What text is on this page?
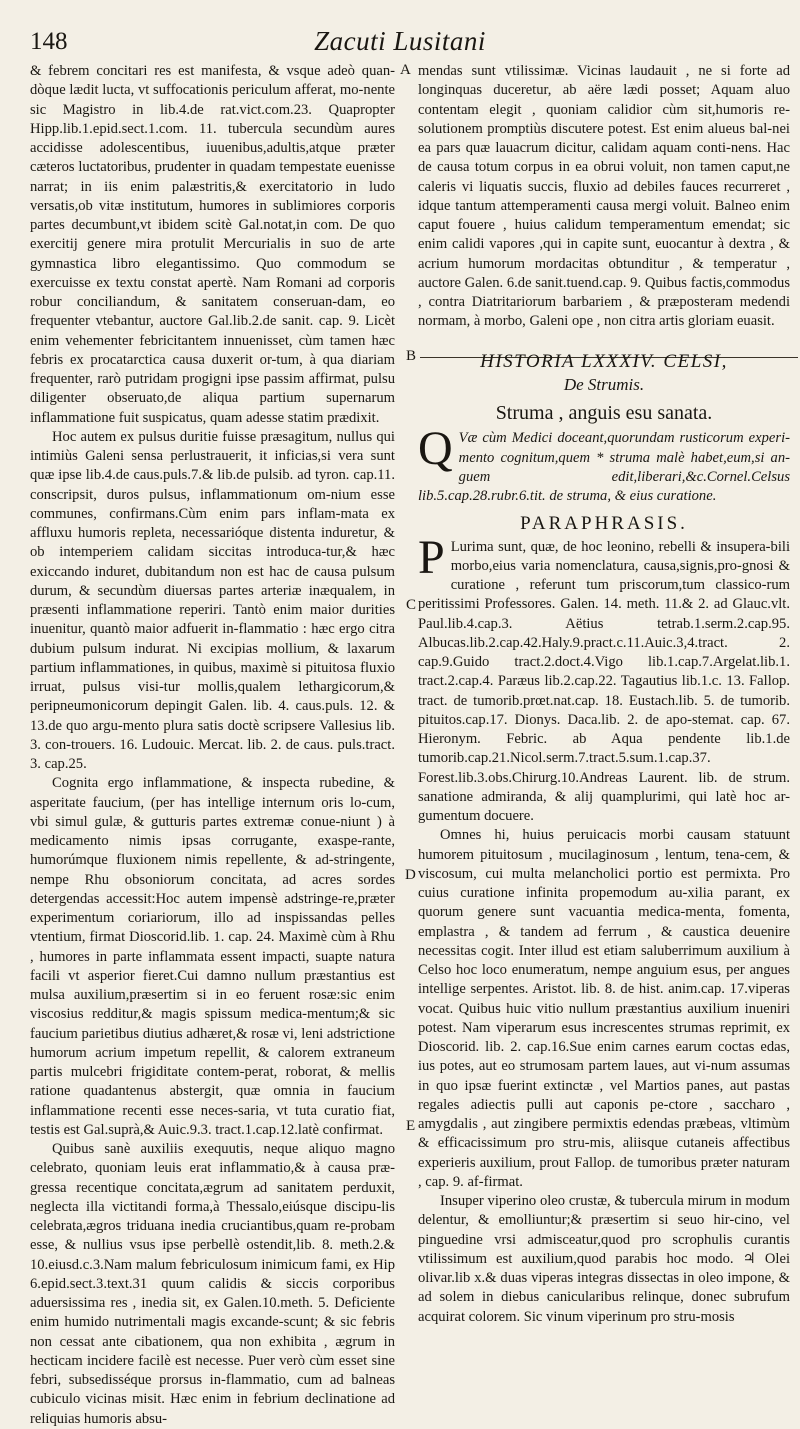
148	Zacuti Lusitani
A
B
C
D
E

& febrem concitari res est manifesta, & vsque adeò quan-dòque lædit lucta, vt suffocationis periculum afferat, mo-nente sic Magistro in lib.4.de rat.vict.com.23. Quapropter Hipp.lib.1.epid.sect.1.com. 11. tubercula secundùm aures accidisse adolescentibus, iuuenibus,adultis,atque præter cæteros luctatoribus, prudenter in quadam tempestate euenisse narrat; in iis enim palæstritis,& exercitatorio in ludo versatis,ob vitæ institutum, humores in sublimiores corporis partes decumbunt,vt ibidem scitè Gal.notat,in com. De quo exercitij genere mira protulit Mercurialis in suo de arte gymnastica libro elegantissimo. Quo commodum se exercuisse ex textu constat apertè. Nam Romani ad corporis robur conciliandum, & sanitatem conseruan-dam, eo frequenter vtebantur, auctore Gal.lib.2.de sanit. cap. 9. Licèt enim vehementer febricitantem innuenisset, cùm tamen hæc febris ex procatarctica causa duxerit or-tum, à qua diariam frequenter, rarò putridam progigni ipse passim affirmat, pulsu diligenter obseruato,de aliqua partium supernarum inflammatione fuit suspicatus, quam adesse statim prædixit.

Hoc autem ex pulsus duritie fuisse præsagitum, nullus qui intimiùs Galeni sensa perlustrauerit, it inficias,si vera sunt quæ ipse lib.4.de caus.puls.7.& lib.de pulsib. ad tyron. cap.11. conscripsit, duros pulsus, inflammationum om-nium esse communes, confirmans.Cùm enim pars inflam-mata ex affluxu humoris repleta, necessarióque distenta induretur, & ob intemperiem calidam siccitas introduca-tur,& hæc exiccando induret, dubitandum non est hac de causa pulsum durum, & secundùm diuersas partes arteriæ inæqualem, in præsenti inflammatione reperiri. Tantò enim maior durities inuenitur, quantò maior adfuerit in-flammatio : hæc ergo citra dubium pulsum indurat. Ni excipias mollium, & laxarum partium inflammationes, in quibus, maximè si pituitosa fluxio irruat, pulsus visi-tur mollis,qualem lethargicorum,& peripneumonicorum depingit Galen. lib. 4. caus.puls. 12. & 13.de quo argu-mento plura satis doctè scripsere Vallesius lib. 3. con-trouers. 16. Ludouic. Mercat. lib. 2. de caus. puls.tract. 3. cap.25.

Cognita ergo inflammatione, & inspecta rubedine, & asperitate faucium, (per has intellige internum oris lo-cum, vbi simul gulæ, & gutturis partes extremæ conue-niunt ) à medicamento nimis ipsas corrugante, exaspe-rante, humorúmque fluxionem nimis repellente, & ad-stringente, nempe Rhu obsoniorum concitata, ad acres sordes detergendas accessit:Hoc autem impensè adstringe-re,præter experimentum coriariorum, illo ad inspissandas pelles vtentium, firmat Dioscorid.lib. 1. cap. 24. Maximè cùm à Rhu , humores in parte inflammata essent impacti, suapte natura facili vt asperior fieret.Cui damno nullum præstantius est mulsa auxilium,præsertim si in eo feruent rosæ:sic enim viscosius redditur,& magis spissum medica-mentum;& sic faucium parietibus diutius adhæret,& rosæ vi, leni adstrictione humorum acrium impetum repellit, & calorem extraneum partis mulcebri frigiditate contem-perat, roborat, & mellis ratione quadantenus abstergit, quæ omnia in faucium inflammatione recenti esse neces-saria, vt tuta curatio fiat, testis est Gal.suprà,& Auic.9.3. tract.1.cap.12.latè confirmat.

Quibus sanè auxiliis exequutis, neque aliquo magno celebrato, quoniam leuis erat inflammatio,& à causa præ-gressa recentique concitata,ægrum ad sanitatem perduxit, neglecta illa victitandi forma,à Thessalo,eiúsque discipu-lis celebrata,ægros triduana inedia cruciantibus,quam re-probam esse, & nullius vsus ipse perbellè ostendit,lib. 8. meth.2.& 10.eiusd.c.3.Nam malum febriculosum inimicum fami, ex Hip 6.epid.sect.3.text.31 quum calidis & siccis corporibus aduersissima res , inedia sit, ex Galen.10.meth. 5. Deficiente enim humido nutrimentali magis excande-scunt; & sic febris non cessat ante cibationem, qua non exhibita , ægrum in hecticam incidere facilè est necesse. Puer verò cùm esset sine febri, subsedisséque prorsus in-flammatio, cum ad balneas cubiculo vicinas misit. Hæc enim in febrium declinatione ad reliquias humoris absu-

mendas sunt vtilissimæ. Vicinas laudauit , ne si forte ad longinquas duceretur, ab aëre lædi posset; Aquam aluo contentam elegit , quoniam calidior cùm sit,humoris re-solutionem promptiùs discutere potest. Est enim alueus bal-nei ea pars quæ lauacrum dicitur, calidam aquam conti-nens. Hac de causa totum corpus in ea obrui voluit, non tamen caput,ne caleris vi liquatis succis, fluxio ad debiles fauces recurreret , idque tantum attemperamenti causa mergi voluit. Balneo enim caput fouere , huius calidum temperamentum emendat; sic enim calidi vapores ,qui in capite sunt, euocantur à dextra , & acrium humorum mordacitas obtunditur , & temperatur , auctore Galen. 6.de sanit.tuend.cap. 9. Quibus factis,commodus , contra Diatritariorum barbariem , & præposteram medendi normam, à morbo, Galeni ope , non citra artis gloriam euasit.

HISTORIA LXXXIV. CELSI,
De Strumis.
Struma , anguis esu sanata.
Q Væ cùm Medici doceant,quorundam rusticorum experi-mento cognitum,quem * struma malè habet,eum,si an-guem edit,liberari,&c.Cornel.Celsus lib.5.cap.28.rubr.6.tit. de struma, & eius curatione.
PARAPHRASIS.

P Lurima sunt, quæ, de hoc leonino, rebelli & insupera-bili morbo,eius varia nomenclatura, causa,signis,pro-gnosi & curatione , referunt tum priscorum,tum classico-rum peritissimi Professores. Galen. 14. meth. 11.& 2. ad Glauc.vlt. Paul.lib.4.cap.3. Aëtius tetrab.1.serm.2.cap.95. Albucas.lib.2.cap.42.Haly.9.pract.c.11.Auic.3,4.tract. 2. cap.9.Guido tract.2.doct.4.Vigo lib.1.cap.7.Argelat.lib.1. tract.2.cap.4. Paræus lib.2.cap.22. Tagautius lib.1.c. 13. Fallop. tract. de tumorib.prœt.nat.cap. 18. Eustach.lib. 5. de tumorib. pituitos.cap.17. Dionys. Daca.lib. 2. de apo-stemat. cap. 67. Hieronym. Febric. ab Aqua pendente lib.1.de tumorib.cap.21.Nicol.serm.7.tract.5.sum.1.cap.37. Forest.lib.3.obs.Chirurg.10.Andreas Laurent. lib. de strum. sanatione admiranda, & alij quamplurimi, qui latè hoc ar-gumentum docuere.

Omnes hi, huius peruicacis morbi causam statuunt humorem pituitosum , mucilaginosum , lentum, tena-cem, & viscosum, cui multa melancholici portio est permixta. Pro cuius curatione infinita propemodum au-xilia parant, ex quorum genere sunt vacuantia medica-menta, fomenta, emplastra , & tandem ad ferrum , & caustica deuenire necessitas cogit. Inter illud est etiam saluberrimum auxilium à Celso hoc loco enumeratum, nempe anguium esus, per angues intellige serpentes. Aristot. lib. 8. de hist. anim.cap. 17.viperas vocat. Quibus huic vitio nullum præstantius auxilium inueniri potest. Nam viperarum esus increscentes strumas reprimit, ex Dioscorid. lib. 2. cap.16.Sue enim carnes earum coctas edas, ius potes, aut eo strumosam partem laues, aut vi-num assumas in quo ipsæ fuerint extinctæ , vel Martios panes, aut pastas regales adiectis pulli aut caponis pe-ctore , saccharo , amygdalis , aut zingibere permixtis edendas præbeas, vltimùm & efficacissimum pro stru-mis, aliisque cutaneis affectibus experieris auxilium, prout Fallop. de tumoribus præter naturam , cap. 9. af-firmat.

Insuper viperino oleo crustæ, & tubercula mirum in modum delentur, & emolliuntur;& præsertim si seuo hir-cino, vel pinguedine vrsi admisceatur,quod pro scrophulis curantis vtilissimum est auxilium,quod parabis hoc modo. ♃ Olei olivar.lib x.& duas viperas integras dissectas in oleo impone, & ad solem in diebus canicularibus relinque, donec subrufum acquirat colorem. Sic vinum viperinum pro stru-mosis
